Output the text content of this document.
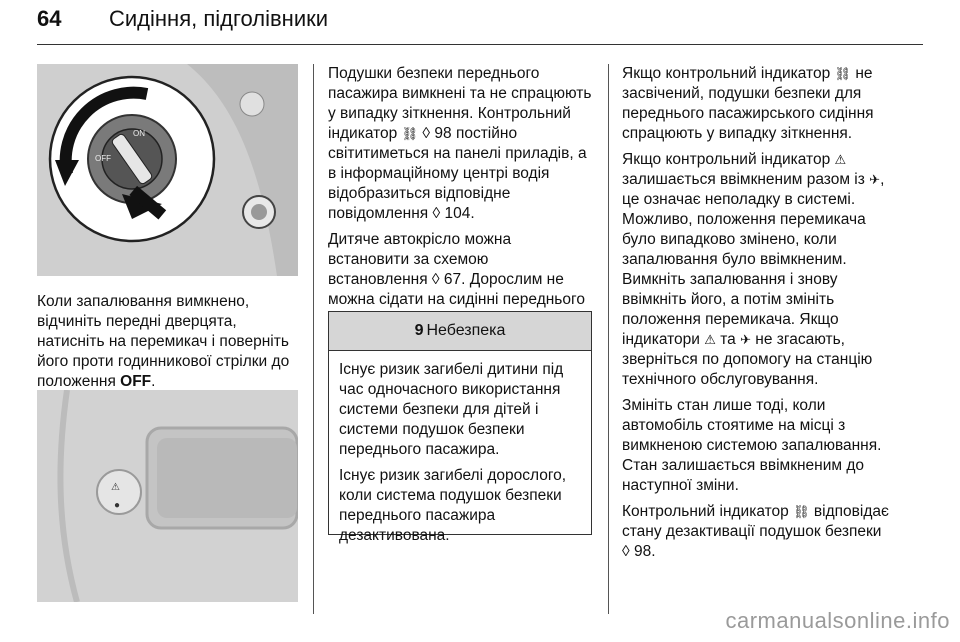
64 Сидіння, підголівники
ON
OFF

Коли запалювання вимкнено, відчиніть передні дверцята, натисніть на перемикач і поверніть його проти годинникової стрілки до положення OFF.

⚠
●

Подушки безпеки переднього пасажира вимкнені та не спрацюють у випадку зіткнення. Контрольний індикатор ⛓ ◊ 98 постійно світитиметься на панелі приладів, а в інформаційному центрі водія відобразиться відповідне повідомлення ◊ 104.

Дитяче автокрісло можна встановити за схемою встановлення ◊ 67. Дорослим не можна сідати на сидінні переднього

9 Небезпека

Існує ризик загибелі дитини під час одночасного використання системи безпеки для дітей і системи подушок безпеки переднього пасажира.

Існує ризик загибелі дорослого, коли система подушок безпеки переднього пасажира дезактивована.

Якщо контрольний індикатор ⛓ не засвічений, подушки безпеки для переднього пасажирського сидіння спрацюють у випадку зіткнення.

Якщо контрольний індикатор ⚠ залишається ввімкненим разом із ✈, це означає неполадку в системі. Можливо, положення перемикача було випадково змінено, коли запалювання було ввімкненим. Вимкніть запалювання і знову ввімкніть його, а потім змініть положення перемикача. Якщо індикатори ⚠ та ✈ не згасають, зверніться по допомогу на станцію технічного обслуговування.

Змініть стан лише тоді, коли автомобіль стоятиме на місці з вимкненою системою запалювання. Стан залишається ввімкненим до наступної зміни.

Контрольний індикатор ⛓ відповідає стану дезактивації подушок безпеки ◊ 98.

carmanualsonline.info
